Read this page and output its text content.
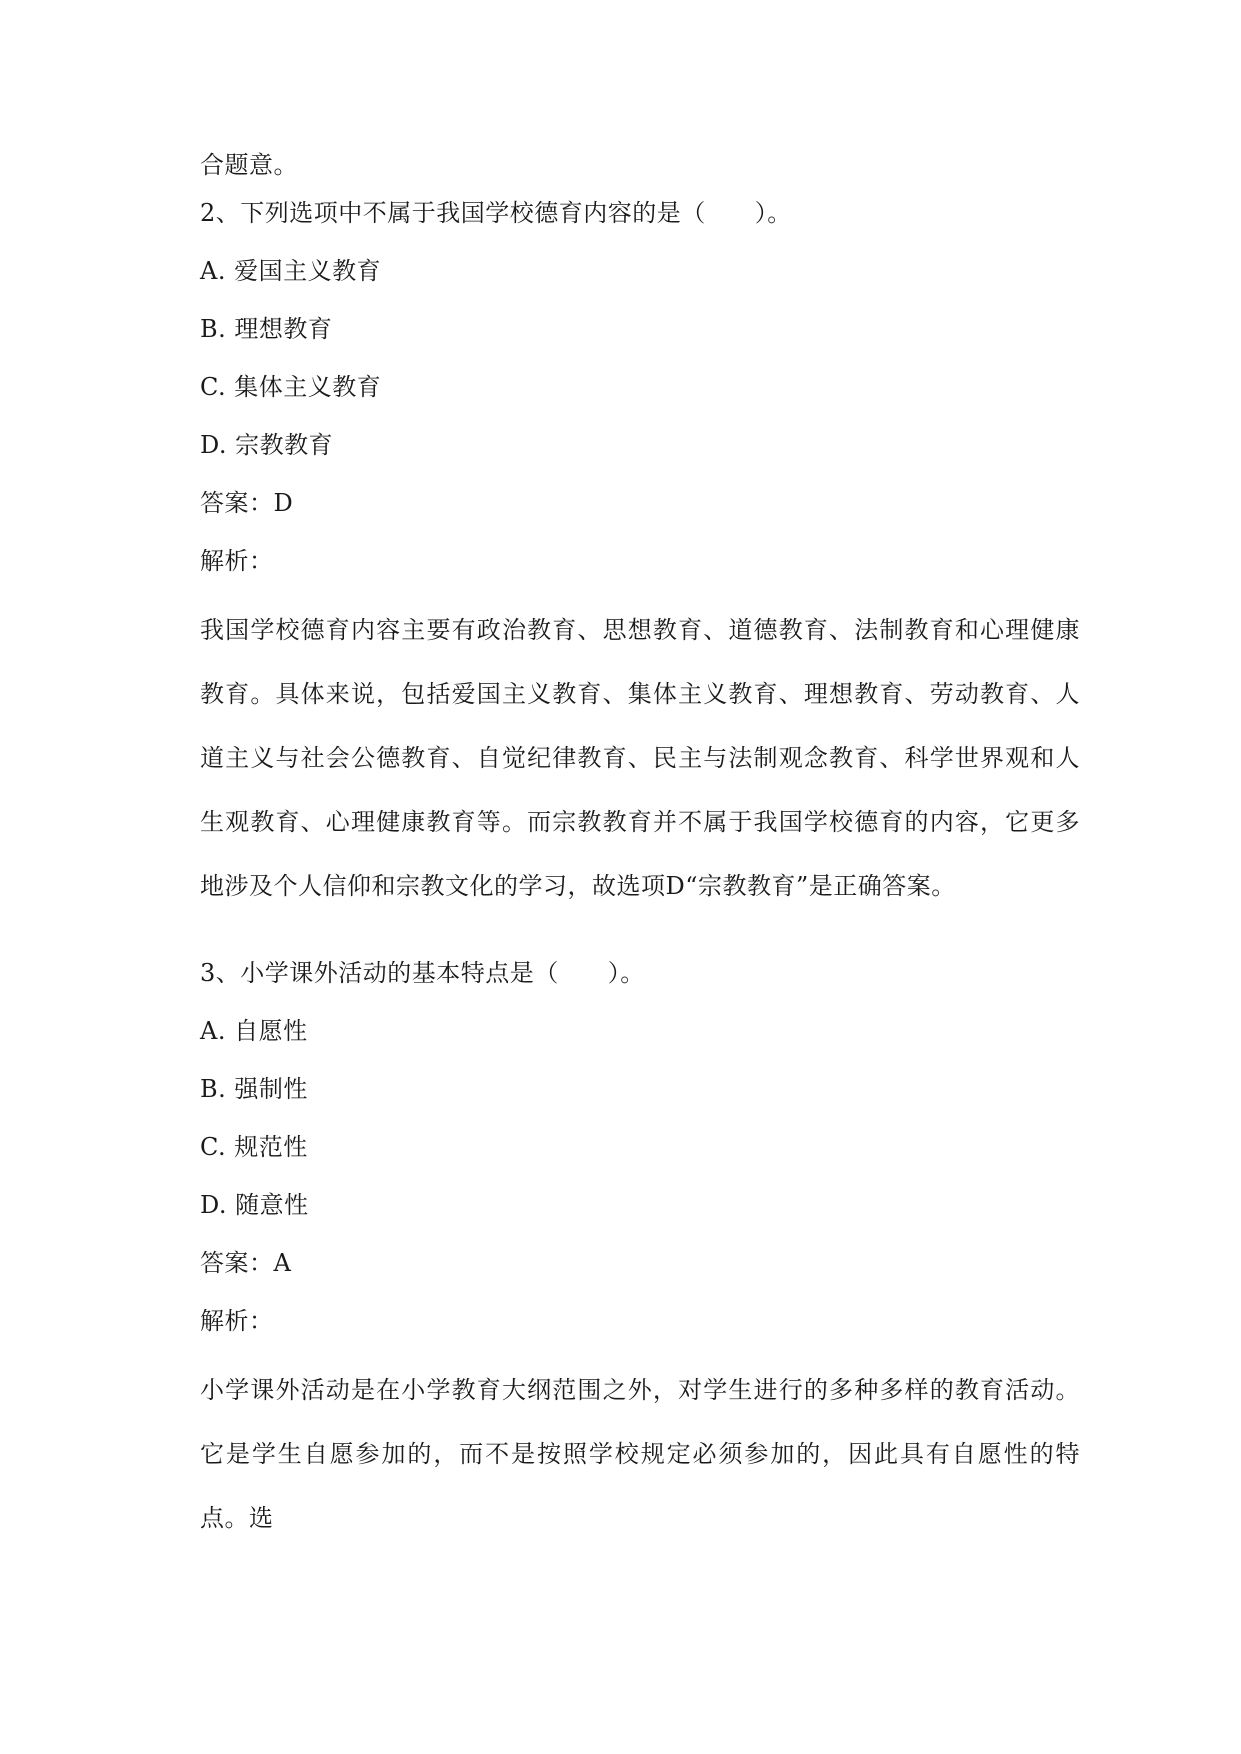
合题意。
2、下列选项中不属于我国学校德育内容的是（　　）。
A. 爱国主义教育
B. 理想教育
C. 集体主义教育
D. 宗教教育
答案：D
解析：
我国学校德育内容主要有政治教育、思想教育、道德教育、法制教育和心理健康教育。具体来说，包括爱国主义教育、集体主义教育、理想教育、劳动教育、人道主义与社会公德教育、自觉纪律教育、民主与法制观念教育、科学世界观和人生观教育、心理健康教育等。而宗教教育并不属于我国学校德育的内容，它更多地涉及个人信仰和宗教文化的学习，故选项D“宗教教育”是正确答案。
3、小学课外活动的基本特点是（　　）。
A. 自愿性
B. 强制性
C. 规范性
D. 随意性
答案：A
解析：
小学课外活动是在小学教育大纲范围之外，对学生进行的多种多样的教育活动。它是学生自愿参加的，而不是按照学校规定必须参加的，因此具有自愿性的特点。选
